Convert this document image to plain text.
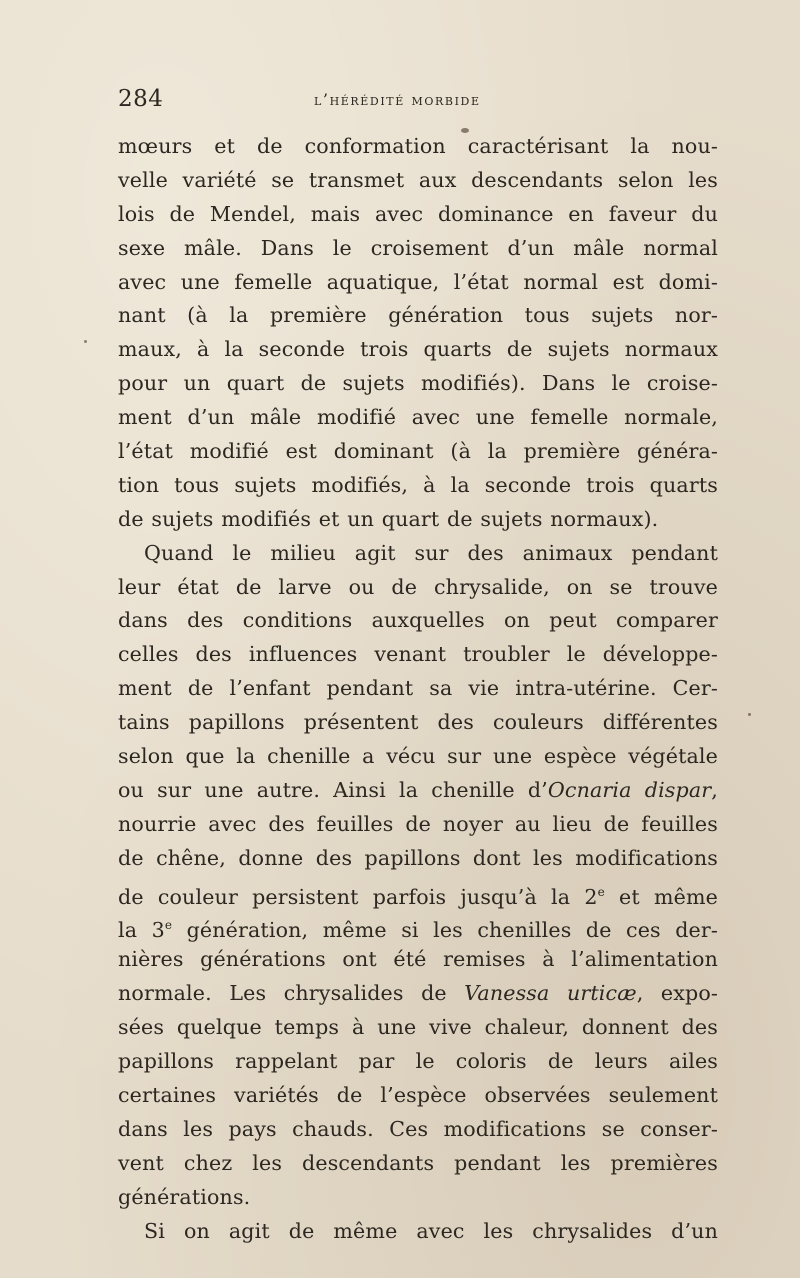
284	l’hérédité morbide
mœurs et de conformation caractérisant la nou-
velle variété se transmet aux descendants selon les
lois de Mendel, mais avec dominance en faveur du
sexe mâle. Dans le croisement d’un mâle normal
avec une femelle aquatique, l’état normal est domi-
nant (à la première génération tous sujets nor-
maux, à la seconde trois quarts de sujets normaux
pour un quart de sujets modifiés). Dans le croise-
ment d’un mâle modifié avec une femelle normale,
l’état modifié est dominant (à la première généra-
tion tous sujets modifiés, à la seconde trois quarts
de sujets modifiés et un quart de sujets normaux).
Quand le milieu agit sur des animaux pendant
leur état de larve ou de chrysalide, on se trouve
dans des conditions auxquelles on peut comparer
celles des influences venant troubler le développe-
ment de l’enfant pendant sa vie intra-utérine. Cer-
tains papillons présentent des couleurs différentes
selon que la chenille a vécu sur une espèce végétale
ou sur une autre. Ainsi la chenille d’Ocnaria dispar,
nourrie avec des feuilles de noyer au lieu de feuilles
de chêne, donne des papillons dont les modifications
de couleur persistent parfois jusqu’à la 2e et même
la 3e génération, même si les chenilles de ces der-
nières générations ont été remises à l’alimentation
normale. Les chrysalides de Vanessa urticæ, expo-
sées quelque temps à une vive chaleur, donnent des
papillons rappelant par le coloris de leurs ailes
certaines variétés de l’espèce observées seulement
dans les pays chauds. Ces modifications se conser-
vent chez les descendants pendant les premières
générations.
Si on agit de même avec les chrysalides d’un
